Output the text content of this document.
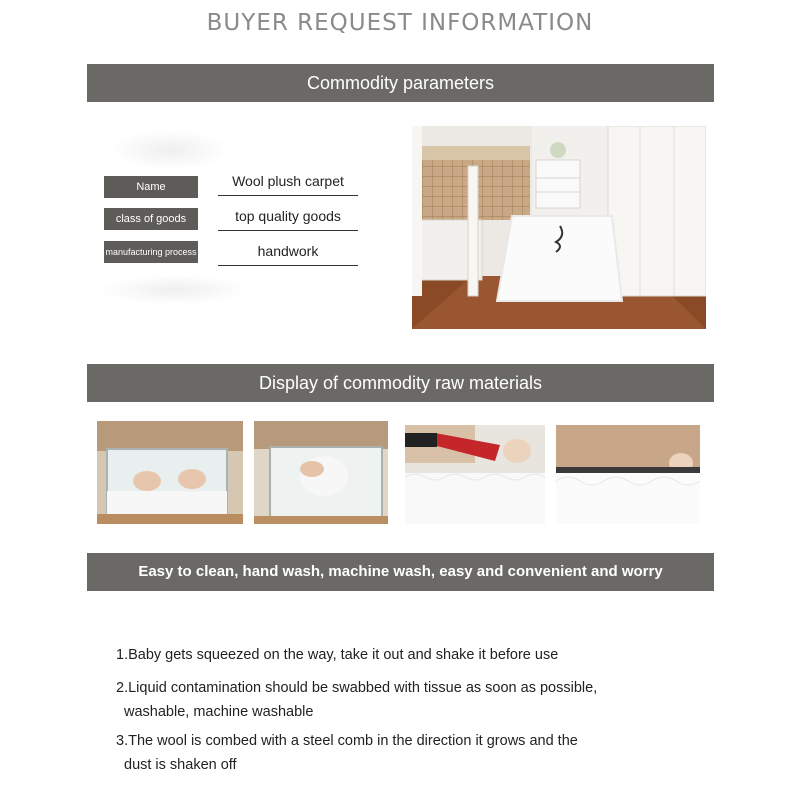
BUYER REQUEST INFORMATION
Commodity parameters
Name	Wool plush carpet
class of goods	top quality goods
manufacturing process	handwork
Display of commodity raw materials
Easy to clean, hand wash, machine wash, easy and convenient and worry
1.Baby gets squeezed on the way, take it out and shake it before use
2.Liquid contamination should be swabbed with tissue as soon as possible,
washable, machine washable
3.The wool is combed with a steel comb in the direction it grows and the
dust is shaken off
